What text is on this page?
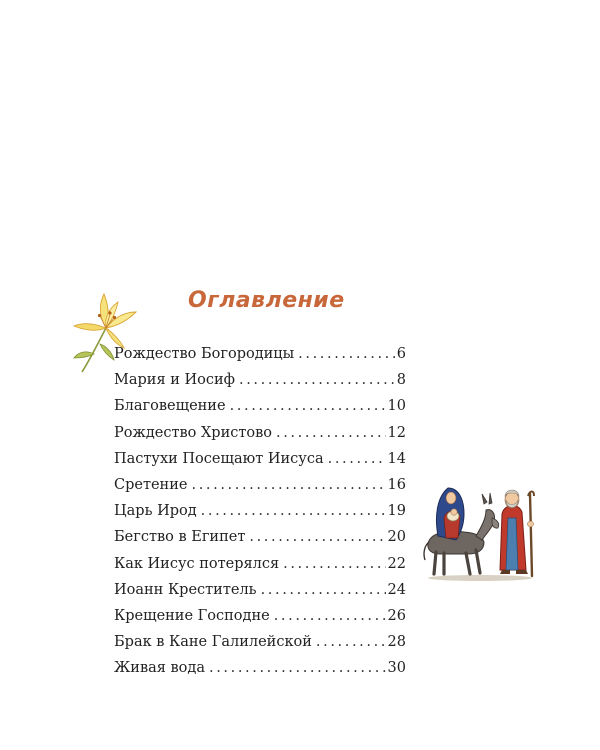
Оглавление
Рождество Богородицы .....	6
Мария и Иосиф .....	8
Благовещение .....	10
Рождество Христово .....	12
Пастухи Посещают Иисуса .....	14
Сретение .....	16
Царь Ирод .....	19
Бегство в Египет .....	20
Как Иисус потерялся .....	22
Иоанн Креститель .....	24
Крещение Господне .....	26
Брак в Кане Галилейской .....	28
Живая вода .....	30
